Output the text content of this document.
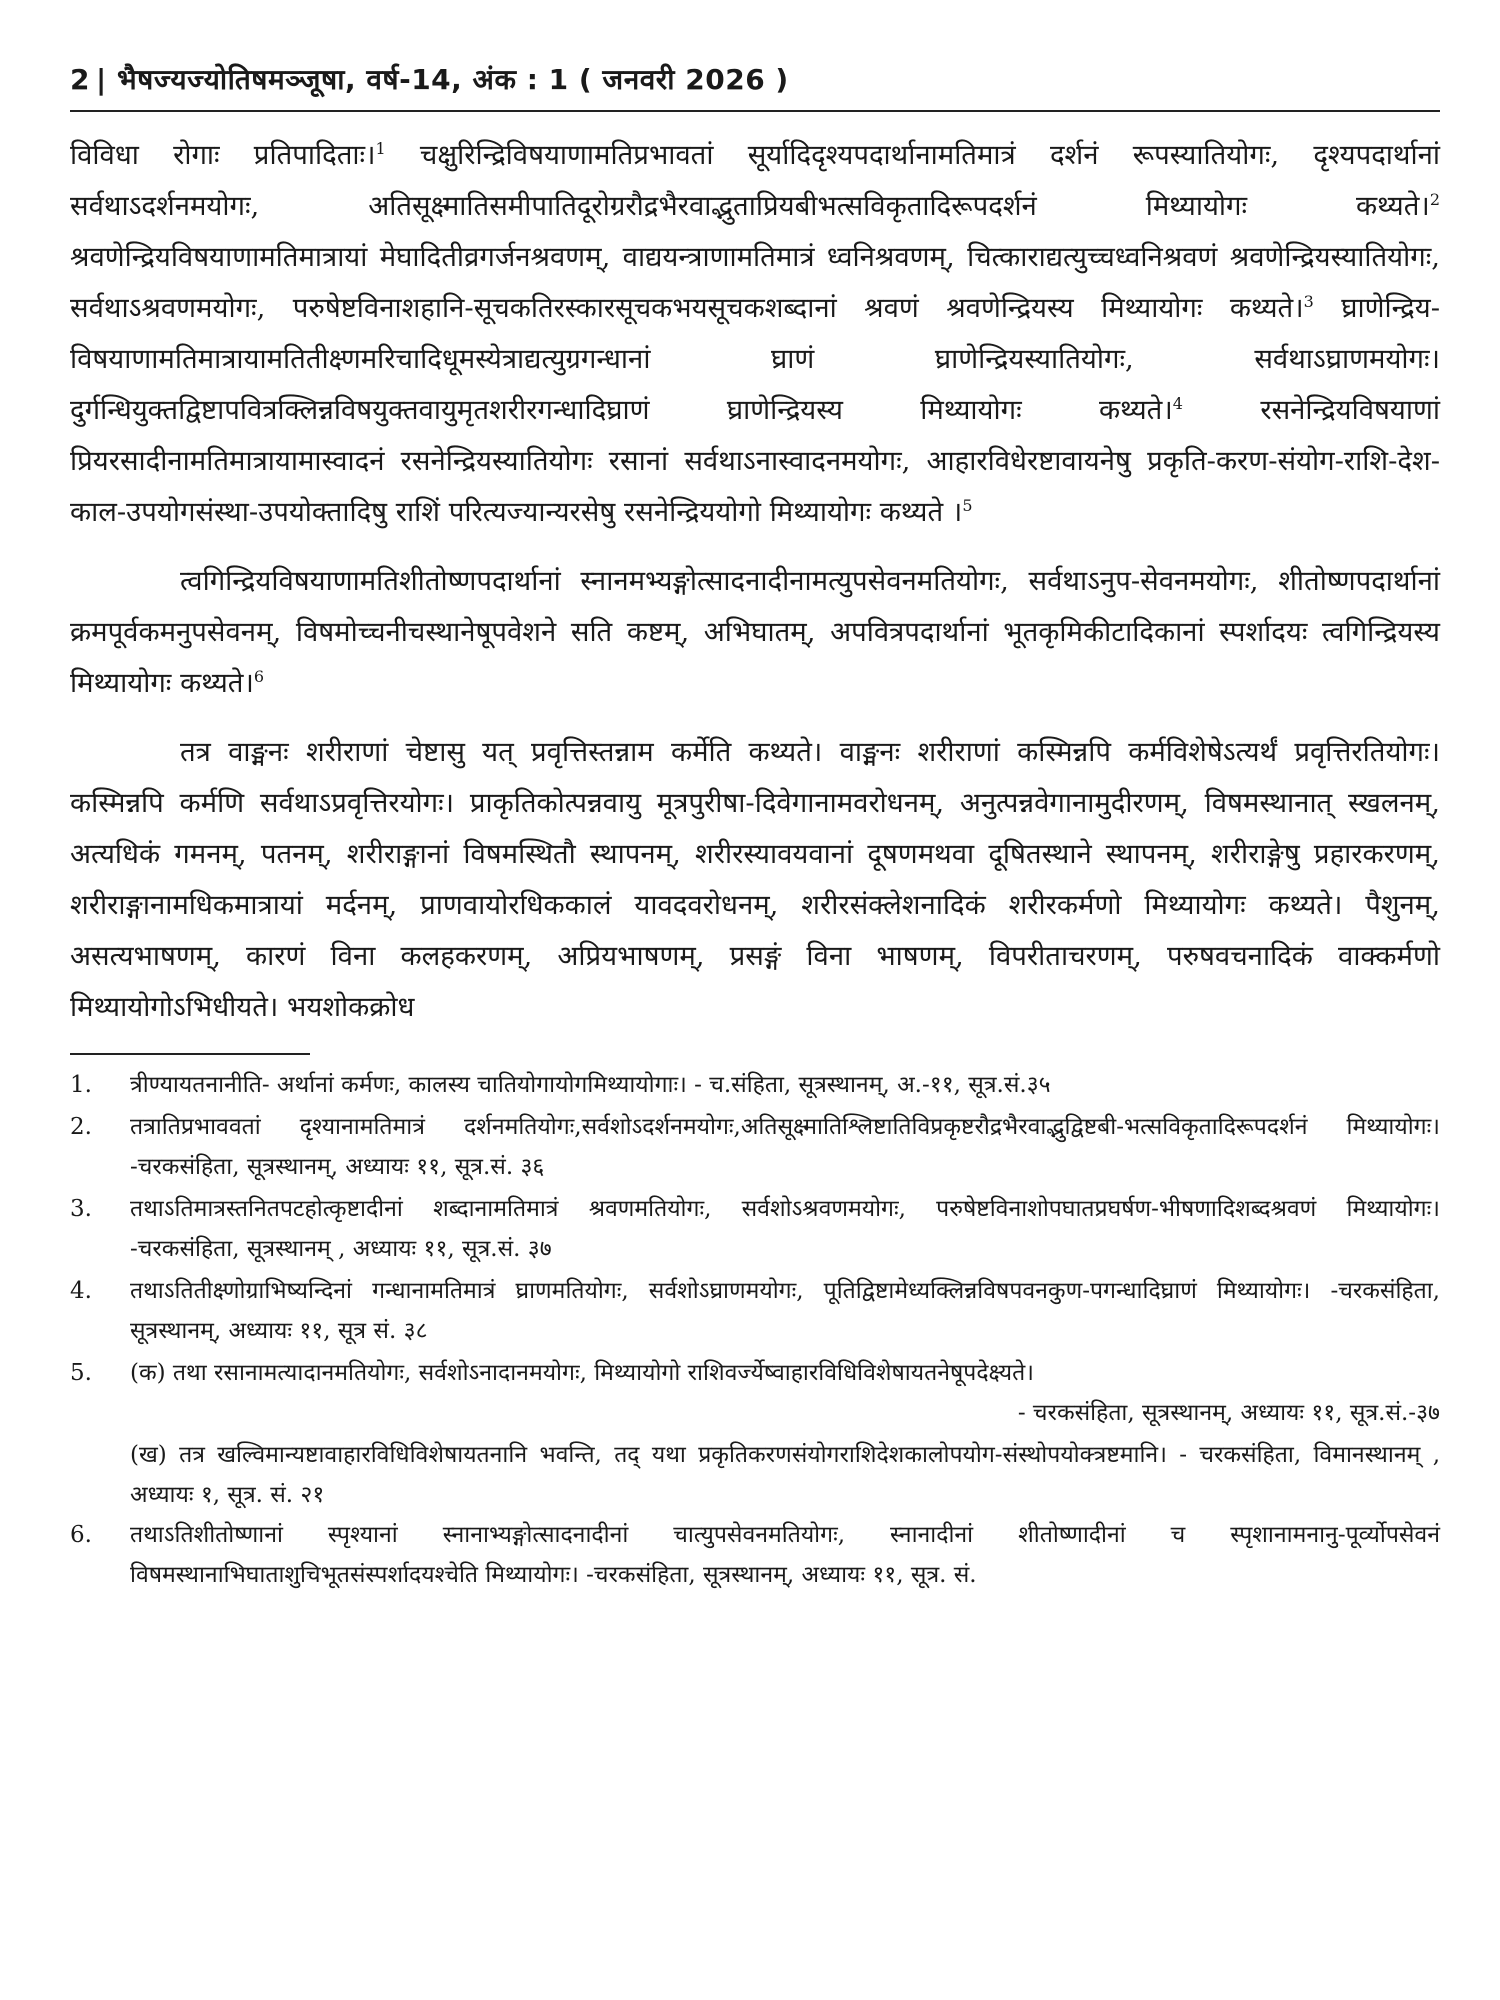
2 | भैषज्यज्योतिषमञ्जूषा, वर्ष-14, अंक : 1 ( जनवरी 2026 )

विविधा रोगाः प्रतिपादिताः।$^1$ चक्षुरिन्द्रिविषयाणामतिप्रभावतां सूर्यादिदृश्यपदार्थानामतिमात्रं दर्शनं रूपस्यातियोगः, दृश्यपदार्थानां सर्वथाऽदर्शनमयोगः, अतिसूक्ष्मातिसमीपातिदूरोग्ररौद्रभैरवाद्भुताप्रियबीभत्सविकृतादिरूपदर्शनं मिथ्यायोगः कथ्यते।$^2$ श्रवणेन्द्रियविषयाणामतिमात्रायां मेघादितीव्रगर्जनश्रवणम्, वाद्ययन्त्राणामतिमात्रं ध्वनिश्रवणम्, चित्काराद्यत्युच्चध्वनिश्रवणं श्रवणेन्द्रियस्यातियोगः, सर्वथाऽश्रवणमयोगः, परुषेष्टविनाशहानि-सूचकतिरस्कारसूचकभयसूचकशब्दानां श्रवणं श्रवणेन्द्रियस्य मिथ्यायोगः कथ्यते।$^3$ घ्राणेन्द्रिय-विषयाणामतिमात्रायामतितीक्ष्णमरिचादिधूमस्येत्राद्यत्युग्रगन्धानां घ्राणं घ्राणेन्द्रियस्यातियोगः, सर्वथाऽघ्राणमयोगः। दुर्गन्धियुक्तद्विष्टापवित्रक्लिन्नविषयुक्तवायुमृतशरीरगन्धादिघ्राणं घ्राणेन्द्रियस्य मिथ्यायोगः कथ्यते।$^4$ रसनेन्द्रियविषयाणां प्रियरसादीनामतिमात्रायामास्वादनं रसनेन्द्रियस्यातियोगः रसानां सर्वथाऽनास्वादनमयोगः, आहारविधेरष्टावायनेषु प्रकृति-करण-संयोग-राशि-देश-काल-उपयोगसंस्था-उपयोक्तादिषु राशिं परित्यज्यान्यरसेषु रसनेन्द्रिययोगो मिथ्यायोगः कथ्यते ।$^5$

त्वगिन्द्रियविषयाणामतिशीतोष्णपदार्थानां स्नानमभ्यङ्गोत्सादनादीनामत्युपसेवनमतियोगः, सर्वथाऽनुप-सेवनमयोगः, शीतोष्णपदार्थानां क्रमपूर्वकमनुपसेवनम्, विषमोच्चनीचस्थानेषूपवेशने सति कष्टम्, अभिघातम्, अपवित्रपदार्थानां भूतकृमिकीटादिकानां स्पर्शादयः त्वगिन्द्रियस्य मिथ्यायोगः कथ्यते।$^6$

तत्र वाङ्मनः शरीराणां चेष्टासु यत् प्रवृत्तिस्तन्नाम कर्मेति कथ्यते। वाङ्मनः शरीराणां कस्मिन्नपि कर्मविशेषेऽत्यर्थं प्रवृत्तिरतियोगः। कस्मिन्नपि कर्मणि सर्वथाऽप्रवृत्तिरयोगः। प्राकृतिकोत्पन्नवायु मूत्रपुरीषा-दिवेगानामवरोधनम्, अनुत्पन्नवेगानामुदीरणम्, विषमस्थानात् स्खलनम्, अत्यधिकं गमनम्, पतनम्, शरीराङ्गानां विषमस्थितौ स्थापनम्, शरीरस्यावयवानां दूषणमथवा दूषितस्थाने स्थापनम्, शरीराङ्गेषु प्रहारकरणम्, शरीराङ्गानामधिकमात्रायां मर्दनम्, प्राणवायोरधिककालं यावदवरोधनम्, शरीरसंक्लेशनादिकं शरीरकर्मणो मिथ्यायोगः कथ्यते। पैशुनम्, असत्यभाषणम्, कारणं विना कलहकरणम्, अप्रियभाषणम्, प्रसङ्गं विना भाषणम्, विपरीताचरणम्, परुषवचनादिकं वाक्कर्मणो मिथ्यायोगोऽभिधीयते। भयशोकक्रोध

1.	त्रीण्यायतनानीति- अर्थानां कर्मणः, कालस्य चातियोगायोगमिथ्यायोगाः। - च.संहिता, सूत्रस्थानम्, अ.-११, सूत्र.सं.३५
2.	तत्रातिप्रभाववतां दृश्यानामतिमात्रं दर्शनमतियोगः,सर्वशोऽदर्शनमयोगः,अतिसूक्ष्मातिश्लिष्टातिविप्रकृष्टरौद्रभैरवाद्भुद्विष्टबी-भत्सविकृतादिरूपदर्शनं मिथ्यायोगः। -चरकसंहिता, सूत्रस्थानम्, अध्यायः ११, सूत्र.सं. ३६
3.	तथाऽतिमात्रस्तनितपटहोत्कृष्टादीनां शब्दानामतिमात्रं श्रवणमतियोगः, सर्वशोऽश्रवणमयोगः, परुषेष्टविनाशोपघातप्रघर्षण-भीषणादिशब्दश्रवणं मिथ्यायोगः। -चरकसंहिता, सूत्रस्थानम् , अध्यायः ११, सूत्र.सं. ३७
4.	तथाऽतितीक्ष्णोग्राभिष्यन्दिनां गन्धानामतिमात्रं घ्राणमतियोगः, सर्वशोऽघ्राणमयोगः, पूतिद्विष्टामेध्यक्लिन्नविषपवनकुण-पगन्धादिघ्राणं मिथ्यायोगः। -चरकसंहिता, सूत्रस्थानम्, अध्यायः ११, सूत्र सं. ३८
5.	(क) तथा रसानामत्यादानमतियोगः, सर्वशोऽनादानमयोगः, मिथ्यायोगो राशिवर्ज्येष्वाहारविधिविशेषायतनेषूपदेक्ष्यते।
- चरकसंहिता, सूत्रस्थानम्, अध्यायः ११, सूत्र.सं.-३७
(ख) तत्र खल्विमान्यष्टावाहारविधिविशेषायतनानि भवन्ति, तद् यथा प्रकृतिकरणसंयोगराशिदेशकालोपयोग-संस्थोपयोक्त्रष्टमानि। - चरकसंहिता, विमानस्थानम् , अध्यायः १, सूत्र. सं. २१
6.	तथाऽतिशीतोष्णानां स्पृश्यानां स्नानाभ्यङ्गोत्सादनादीनां चात्युपसेवनमतियोगः, स्नानादीनां शीतोष्णादीनां च स्पृशानामनानु-पूर्व्योपसेवनं विषमस्थानाभिघाताशुचिभूतसंस्पर्शादयश्चेति मिथ्यायोगः। -चरकसंहिता, सूत्रस्थानम्, अध्यायः ११, सूत्र. सं.
